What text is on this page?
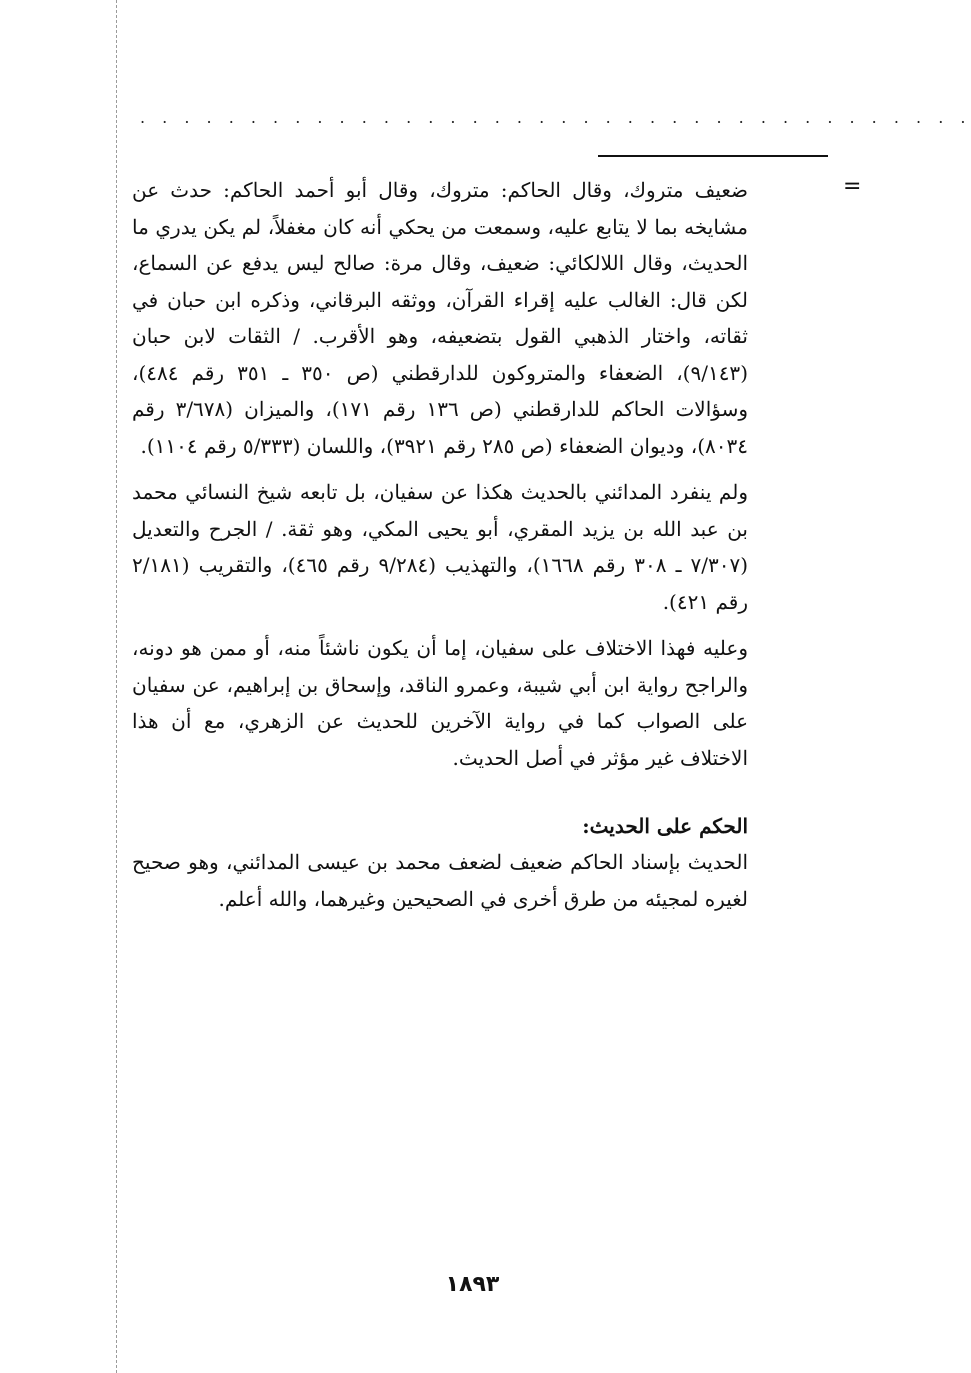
. . . . . . . . . . . . . . . . . . . . . . . . . . . . . . . . . . . . . .
=

ضعيف متروك، وقال الحاكم: متروك، وقال أبو أحمد الحاكم: حدث عن مشايخه بما لا يتابع عليه، وسمعت من يحكي أنه كان مغفلاً، لم يكن يدري ما الحديث، وقال اللالكائي: ضعيف، وقال مرة: صالح ليس يدفع عن السماع، لكن قال: الغالب عليه إقراء القرآن، ووثقه البرقاني، وذكره ابن حبان في ثقاته، واختار الذهبي القول بتضعيفه، وهو الأقرب. / الثقات لابن حبان (٩/١٤٣)، الضعفاء والمتروكون للدارقطني (ص ٣٥٠ ـ ٣٥١ رقم ٤٨٤)، وسؤالات الحاكم للدارقطني (ص ١٣٦ رقم ١٧١)، والميزان (٣/٦٧٨ رقم ٨٠٣٤)، وديوان الضعفاء (ص ٢٨٥ رقم ٣٩٢١)، واللسان (٥/٣٣٣ رقم ١١٠٤).

ولم ينفرد المدائني بالحديث هكذا عن سفيان، بل تابعه شيخ النسائي محمد بن عبد الله بن يزيد المقري، أبو يحيى المكي، وهو ثقة. / الجرح والتعديل (٧/٣٠٧ ـ ٣٠٨ رقم ١٦٦٨)، والتهذيب (٩/٢٨٤ رقم ٤٦٥)، والتقريب (٢/١٨١ رقم ٤٢١).

وعليه فهذا الاختلاف على سفيان، إما أن يكون ناشئاً منه، أو ممن هو دونه، والراجح رواية ابن أبي شيبة، وعمرو الناقد، وإسحاق بن إبراهيم، عن سفيان على الصواب كما في رواية الآخرين للحديث عن الزهري، مع أن هذا الاختلاف غير مؤثر في أصل الحديث.

الحكم على الحديث:

الحديث بإسناد الحاكم ضعيف لضعف محمد بن عيسى المدائني، وهو صحيح لغيره لمجيئه من طرق أخرى في الصحيحين وغيرهما، والله أعلم.

١٨٩٣
